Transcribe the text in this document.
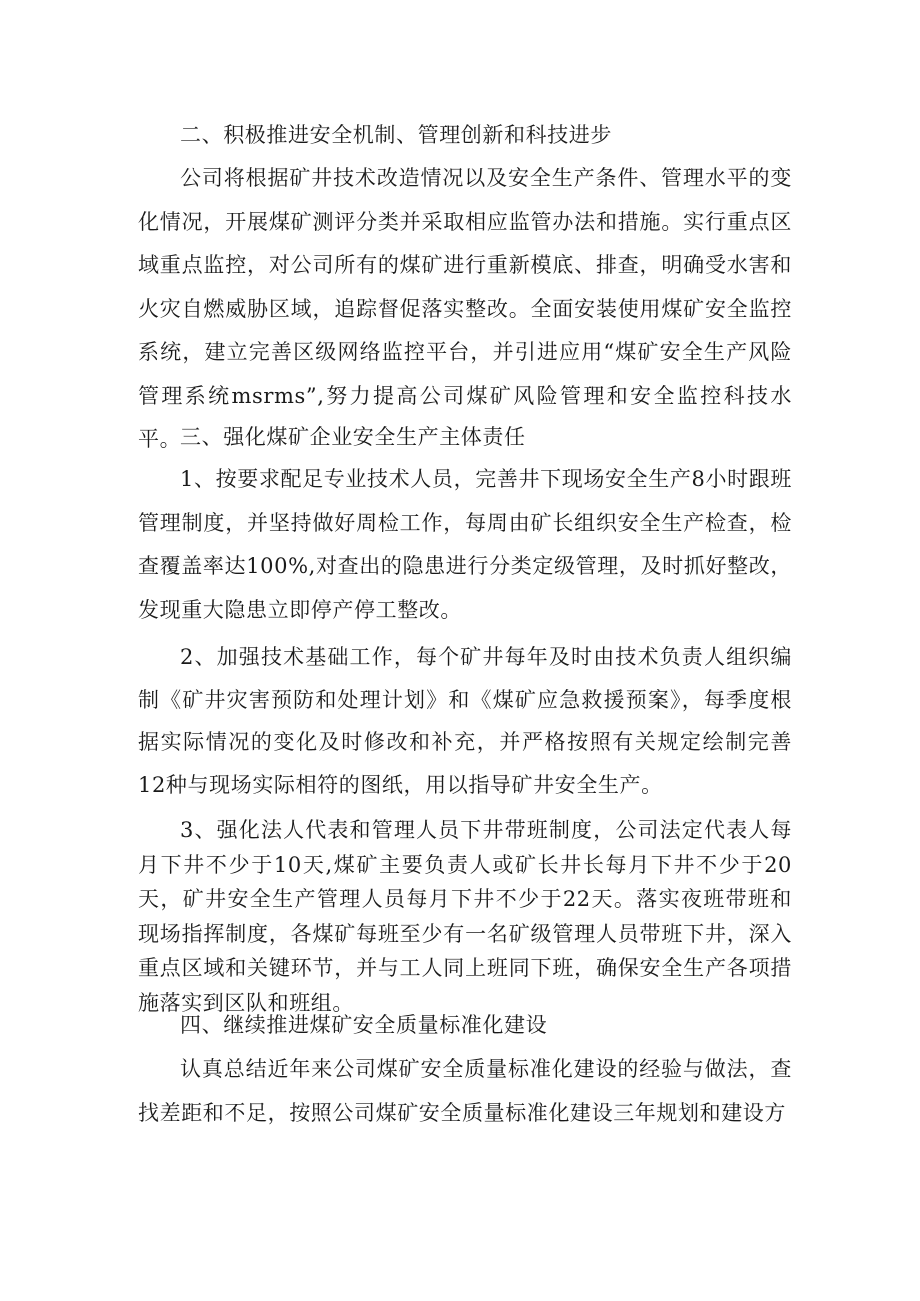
二、积极推进安全机制、管理创新和科技进步

公司将根据矿井技术改造情况以及安全生产条件、管理水平的变化情况，开展煤矿测评分类并采取相应监管办法和措施。实行重点区域重点监控，对公司所有的煤矿进行重新模底、排查，明确受水害和火灾自燃威胁区域，追踪督促落实整改。全面安装使用煤矿安全监控系统，建立完善区级网络监控平台，并引进应用“煤矿安全生产风险管理系统msrms”,努力提高公司煤矿风险管理和安全监控科技水平。

三、强化煤矿企业安全生产主体责任

1、按要求配足专业技术人员，完善井下现场安全生产8小时跟班管理制度，并坚持做好周检工作，每周由矿长组织安全生产检查，检查覆盖率达100%,对查出的隐患进行分类定级管理，及时抓好整改，发现重大隐患立即停产停工整改。

2、加强技术基础工作，每个矿井每年及时由技术负责人组织编制《矿井灾害预防和处理计划》和《煤矿应急救援预案》，每季度根据实际情况的变化及时修改和补充，并严格按照有关规定绘制完善12种与现场实际相符的图纸，用以指导矿井安全生产。

3、强化法人代表和管理人员下井带班制度，公司法定代表人每月下井不少于10天,煤矿主要负责人或矿长井长每月下井不少于20天，矿井安全生产管理人员每月下井不少于22天。落实夜班带班和现场指挥制度，各煤矿每班至少有一名矿级管理人员带班下井，深入重点区域和关键环节，并与工人同上班同下班，确保安全生产各项措施落实到区队和班组。

四、继续推进煤矿安全质量标准化建设

认真总结近年来公司煤矿安全质量标准化建设的经验与做法，查找差距和不足，按照公司煤矿安全质量标准化建设三年规划和建设方
